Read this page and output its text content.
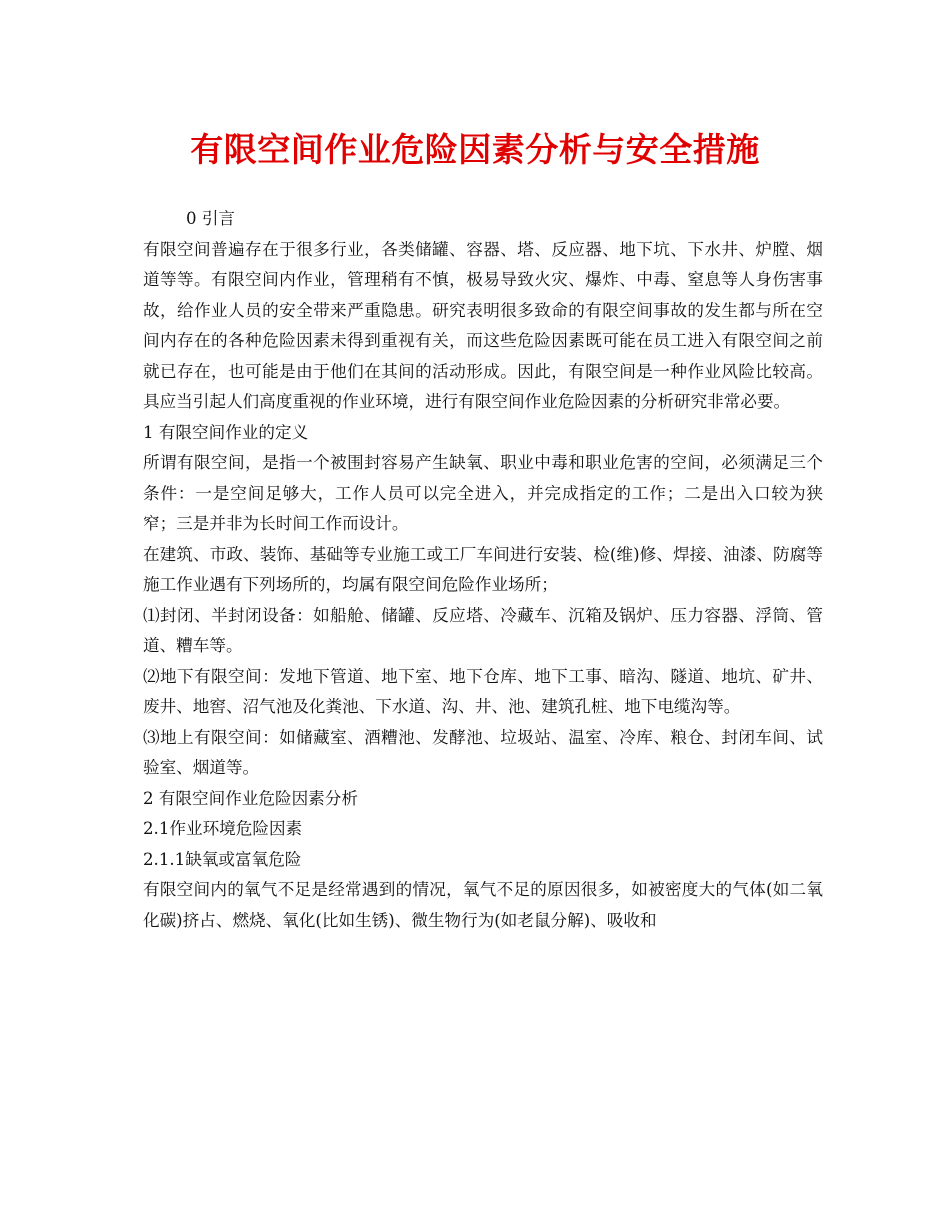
有限空间作业危险因素分析与安全措施

0 引言

有限空间普遍存在于很多行业，各类储罐、容器、塔、反应器、地下坑、下水井、炉膛、烟道等等。有限空间内作业，管理稍有不慎，极易导致火灾、爆炸、中毒、窒息等人身伤害事故，给作业人员的安全带来严重隐患。研究表明很多致命的有限空间事故的发生都与所在空间内存在的各种危险因素未得到重视有关，而这些危险因素既可能在员工进入有限空间之前就已存在，也可能是由于他们在其间的活动形成。因此，有限空间是一种作业风险比较高。具应当引起人们高度重视的作业环境，进行有限空间作业危险因素的分析研究非常必要。

1 有限空间作业的定义

所谓有限空间，是指一个被围封容易产生缺氧、职业中毒和职业危害的空间，必须满足三个条件：一是空间足够大，工作人员可以完全进入，并完成指定的工作；二是出入口较为狭窄；三是并非为长时间工作而设计。

在建筑、市政、装饰、基础等专业施工或工厂车间进行安装、检(维)修、焊接、油漆、防腐等施工作业遇有下列场所的，均属有限空间危险作业场所；

⑴封闭、半封闭设备：如船舱、储罐、反应塔、冷藏车、沉箱及锅炉、压力容器、浮筒、管道、糟车等。

⑵地下有限空间：发地下管道、地下室、地下仓库、地下工事、暗沟、隧道、地坑、矿井、废井、地窖、沼气池及化粪池、下水道、沟、井、池、建筑孔桩、地下电缆沟等。

⑶地上有限空间：如储藏室、酒糟池、发酵池、垃圾站、温室、冷库、粮仓、封闭车间、试验室、烟道等。

2 有限空间作业危险因素分析

2.1作业环境危险因素

2.1.1缺氧或富氧危险

有限空间内的氧气不足是经常遇到的情况，氧气不足的原因很多，如被密度大的气体(如二氧化碳)挤占、燃烧、氧化(比如生锈)、微生物行为(如老鼠分解)、吸收和
